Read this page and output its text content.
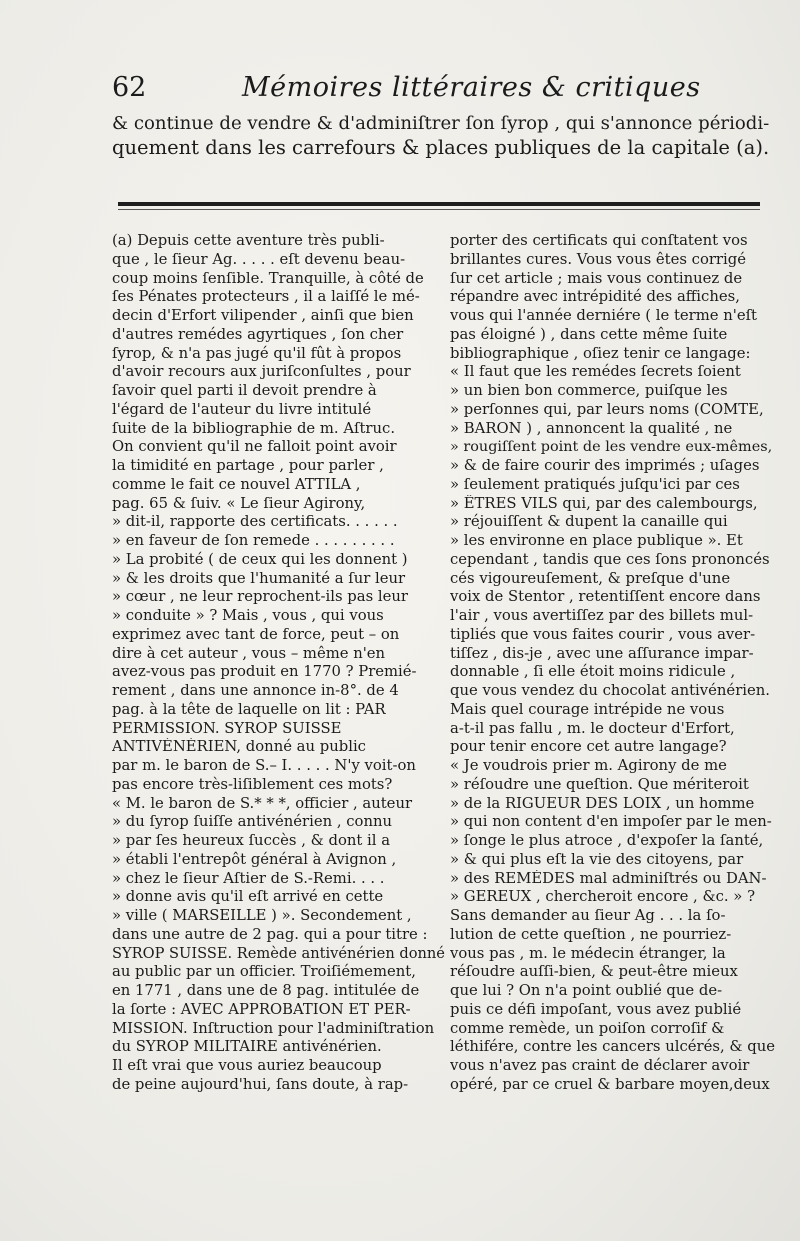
62	Mémoires littéraires & critiques

& continue de vendre & d'adminiſtrer ſon ſyrop , qui s'annonce périodi-

quement dans les carrefours & places publiques de la capitale (a).

(a) Depuis cette aventure très publi-
que , le ſieur Ag. . . . . eſt devenu beau-
coup moins ſenſible. Tranquille, à côté de
ſes Pénates protecteurs , il a laiſſé le mé-
decin d'Erfort vilipender , ainſi que bien
d'autres remédes agyrtiques , ſon cher
ſyrop, & n'a pas jugé qu'il fût à propos
d'avoir recours aux juriſconſultes , pour
ſavoir quel parti il devoit prendre à
l'égard de l'auteur du livre intitulé
ſuite de la bibliographie de m. Aſtruc.
On convient qu'il ne falloit point avoir
la timidité en partage , pour parler ,
comme le fait ce nouvel ATTILA ,
pag. 65 & ſuiv. « Le ſieur Agirony,
» dit-il, rapporte des certificats. . . . . .
» en faveur de ſon remede . . . . . . . . .
» La probité ( de ceux qui les donnent )
» & les droits que l'humanité a ſur leur
» cœur , ne leur reprochent-ils pas leur
» conduite » ? Mais , vous , qui vous
exprimez avec tant de force, peut – on
dire à cet auteur , vous – même n'en
avez-vous pas produit en 1770 ? Premié-
rement , dans une annonce in-8°. de 4
pag. à la tête de laquelle on lit : PAR
PERMISSION. SYROP SUISSE
ANTIVÉNÉRIEN, donné au public
par m. le baron de S.– I. . . . . N'y voit-on
pas encore très-liſiblement ces mots?
« M. le baron de S.* * *, officier , auteur
» du ſyrop ſuiſſe antivénérien , connu
» par ſes heureux ſuccès , & dont il a
» établi l'entrepôt général à Avignon ,
» chez le ſieur Aſtier de S.-Remi. . . .
» donne avis qu'il eſt arrivé en cette
» ville ( MARSEILLE ) ». Secondement ,
dans une autre de 2 pag. qui a pour titre :
SYROP SUISSE. Remède antivénérien donné
au public par un officier. Troiſiémement,
en 1771 , dans une de 8 pag. intitulée de
la ſorte : AVEC APPROBATION ET PER-
MISSION. Inſtruction pour l'adminiſtration
du SYROP MILITAIRE antivénérien.
Il eſt vrai que vous auriez beaucoup
de peine aujourd'hui, ſans doute, à rap-
porter des certificats qui conſtatent vos
brillantes cures. Vous vous êtes corrigé
ſur cet article ; mais vous continuez de
répandre avec intrépidité des affiches,
vous qui l'année derniére ( le terme n'eſt
pas éloigné ) , dans cette même ſuite
bibliographique , oſiez tenir ce langage:
« Il faut que les remédes ſecrets ſoient
» un bien bon commerce, puiſque les
» perſonnes qui, par leurs noms (COMTE,
» BARON ) , annoncent la qualité , ne
» rougiſſent point de les vendre eux-mêmes,
» & de faire courir des imprimés ; uſages
» ſeulement pratiqués juſqu'ici par ces
» ÊTRES VILS qui, par des calembourgs,
» réjouiſſent & dupent la canaille qui
» les environne en place publique ». Et
cependant , tandis que ces ſons prononcés
cés vigoureuſement, & preſque d'une
voix de Stentor , retentiſſent encore dans
l'air , vous avertiſſez par des billets mul-
tipliés que vous faites courir , vous aver-
tiſſez , dis-je , avec une aſſurance impar-
donnable , ſi elle étoit moins ridicule ,
que vous vendez du chocolat antivénérien.
Mais quel courage intrépide ne vous
a-t-il pas fallu , m. le docteur d'Erfort,
pour tenir encore cet autre langage?
« Je voudrois prier m. Agirony de me
» réſoudre une queſtion. Que mériteroit
» de la RIGUEUR DES LOIX , un homme
» qui non content d'en impoſer par le men-
» ſonge le plus atroce , d'expoſer la ſanté,
» & qui plus eſt la vie des citoyens, par
» des REMÈDES mal adminiſtrés ou DAN-
» GEREUX , chercheroit encore , &c. » ?
Sans demander au ſieur Ag . . . la ſo-
lution de cette queſtion , ne pourriez-
vous pas , m. le médecin étranger, la
réſoudre auſſi-bien, & peut-être mieux
que lui ? On n'a point oublié que de-
puis ce défi impoſant, vous avez publié
comme remède, un poiſon corroſif &
léthifére, contre les cancers ulcérés, & que
vous n'avez pas craint de déclarer avoir
opéré, par ce cruel & barbare moyen,deux
